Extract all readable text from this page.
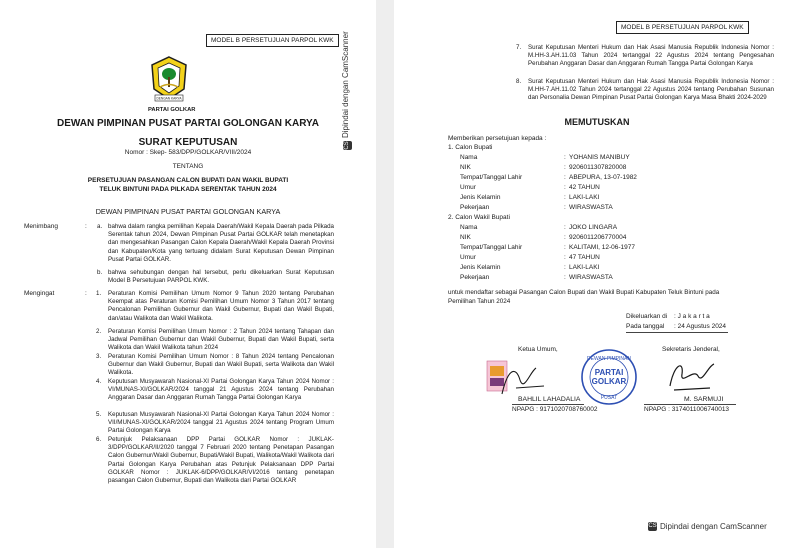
MODEL B PERSETUJUAN PARPOL KWK
CSDipindai dengan CamScanner
DENGAN KARYA
PARTAI GOLKAR
DEWAN PIMPINAN PUSAT PARTAI GOLONGAN KARYA
SURAT KEPUTUSAN
Nomor : Skep- 583/DPP/GOLKAR/VIII/2024
TENTANG
PERSETUJUAN PASANGAN CALON BUPATI DAN WAKIL BUPATI
TELUK BINTUNI PADA PILKADA SERENTAK TAHUN 2024
DEWAN PIMPINAN PUSAT PARTAI GOLONGAN KARYA
Menimbang	: a. bahwa dalam rangka pemilihan Kepala Daerah/Wakil Kepala Daerah pada Pilkada Serentak tahun 2024, Dewan Pimpinan Pusat Partai GOLKAR telah menetapkan dan mengesahkan Pasangan Calon Kepala Daerah/Wakil Kepala Daerah Provinsi dan Kabupaten/Kota yang tertuang didalam Surat Keputusan Dewan Pimpinan Pusat Partai GOLKAR.
b. bahwa sehubungan dengan hal tersebut, perlu dikeluarkan Surat Keputusan Model B Persetujuan PARPOL KWK.
Mengingat	: 1. Peraturan Komisi Pemilihan Umum Nomor 9 Tahun 2020 tentang Perubahan Keempat atas Peraturan Komisi Pemilihan Umum Nomor 3 Tahun 2017 tentang Pencalonan Pemilihan Gubernur dan Wakil Gubernur, Bupati dan Wakil Bupati, dan/atau Walikota dan Wakil Walikota.
2. Peraturan Komisi Pemilihan Umum Nomor : 2 Tahun 2024 tentang Tahapan dan Jadwal Pemilihan Gubernur dan Wakil Gubernur, Bupati dan Wakil Bupati, serta Walikota dan Wakil Walikota tahun 2024
3. Peraturan Komisi Pemilihan Umum Nomor : 8 Tahun 2024 tentang Pencalonan Gubernur dan Wakil Gubernur, Bupati dan Wakil Bupati, serta Walikota dan Wakil Walikota.
4. Keputusan Musyawarah Nasional-XI Partai Golongan Karya Tahun 2024 Nomor : VI/MUNAS-XI/GOLKAR/2024 tanggal 21 Agustus 2024 tentang Perubahan Anggaran Dasar dan Anggaran Rumah Tangga Partai Golongan Karya
5. Keputusan Musyawarah Nasional-XI Partai Golongan Karya Tahun 2024 Nomor : VII/MUNAS-XI/GOLKAR/2024 tanggal 21 Agustus 2024 tentang Program Umum Partai Golongan Karya
6. Petunjuk Pelaksanaan DPP Partai GOLKAR Nomor : JUKLAK-3/DPP/GOLKAR/II/2020 tanggal 7 Februari 2020 tentang Penetapan Pasangan Calon Gubernur/Wakil Gubernur, Bupati/Wakil Bupati, Walikota/Wakil Walikota dari Partai Golongan Karya Perubahan atas Petunjuk Pelaksanaan DPP Partai GOLKAR Nomor : JUKLAK-6/DPP/GOLKAR/VI/2016 tentang penetapan pasangan Calon Gubernur, Bupati dan Walikota dari Partai GOLKAR
MODEL B PERSETUJUAN PARPOL KWK
7. Surat Keputusan Menteri Hukum dan Hak Asasi Manusia Republik Indonesia Nomor : M.HH-3.AH.11.03 Tahun 2024 tertanggal 22 Agustus 2024 tentang Pengesahan Perubahan Anggaran Dasar dan Anggaran Rumah Tangga Partai Golongan Karya
8. Surat Keputusan Menteri Hukum dan Hak Asasi Manusia Republik Indonesia Nomor : M.HH-7.AH.11.02 Tahun 2024 tertanggal 22 Agustus 2024 tentang Perubahan Susunan dan Personalia Dewan Pimpinan Pusat Partai Golongan Karya Masa Bhakti 2024-2029
MEMUTUSKAN
Memberikan persetujuan kepada :
1. Calon Bupati
Nama	: YOHANIS MANIBUY
NIK	: 9206011307820008
Tempat/Tanggal Lahir	: ABEPURA, 13-07-1982
Umur	: 42 TAHUN
Jenis Kelamin	: LAKI-LAKI
Pekerjaan	: WIRASWASTA
2. Calon Wakil Bupati
Nama	: JOKO LINGARA
NIK	: 9206011206770004
Tempat/Tanggal Lahir	: KALITAMI, 12-06-1977
Umur	: 47 TAHUN
Jenis Kelamin	: LAKI-LAKI
Pekerjaan	: WIRASWASTA
untuk mendaftar sebagai Pasangan Calon Bupati dan Wakil Bupati Kabupaten Teluk Bintuni pada
Pemilihan Tahun 2024
Dikeluarkan di : J a k a r t a
Pada tanggal : 24 Agustus 2024
Ketua Umum,	Sekretaris Jenderal,
DEWAN PIMPINAN
PARTAI
GOLKAR
PUSAT
BAHLIL LAHADALIA
NPAPG : 9171020708760002
M. SARMUJI
NPAPG : 3174011006740013
CS Dipindai dengan CamScanner
